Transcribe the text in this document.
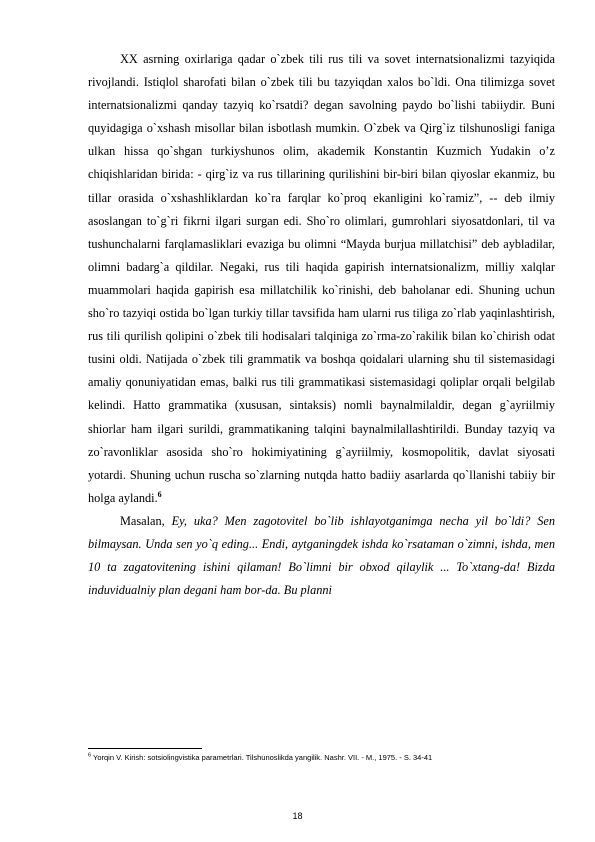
XX asrning oxirlariga qadar o`zbek tili rus tili va sovet internatsionalizmi tazyiqida rivojlandi. Istiqlol sharofati bilan o`zbek tili bu tazyiqdan xalos bo`ldi. Ona tilimizga sovet internatsionalizmi qanday tazyiq ko`rsatdi? degan savolning paydo bo`lishi tabiiydir. Buni quyidagiga o`xshash misollar bilan isbotlash mumkin. O`zbek va Qirg`iz tilshunosligi faniga ulkan hissa qo`shgan turkiyshunos olim, akademik Konstantin Kuzmich Yudakin o’z chiqishlaridan birida: - qirg`iz va rus tillarining qurilishini bir-biri bilan qiyoslar ekanmiz, bu tillar orasida o`xshashliklardan ko`ra farqlar ko`proq ekanligini ko`ramiz”, -- deb ilmiy asoslangan to`g`ri fikrni ilgari surgan edi. Sho`ro olimlari, gumrohlari siyosatdonlari, til va tushunchalarni farqlamasliklari evaziga bu olimni “Mayda burjua millatchisi” deb aybladilar, olimni badarg`a qildilar. Negaki, rus tili haqida gapirish internatsionalizm, milliy xalqlar muammolari haqida gapirish esa millatchilik ko`rinishi, deb baholanar edi. Shuning uchun sho`ro tazyiqi ostida bo`lgan turkiy tillar tavsifida ham ularni rus tiliga zo`rlab yaqinlashtirish, rus tili qurilish qolipini o`zbek tili hodisalari talqiniga zo`rma-zo`rakilik bilan ko`chirish odat tusini oldi. Natijada o`zbek tili grammatik va boshqa qoidalari ularning shu til sistemasidagi amaliy qonuniyatidan emas, balki rus tili grammatikasi sistemasidagi qoliplar orqali belgilab kelindi. Hatto grammatika (xususan, sintaksis) nomli baynalmilaldir, degan g`ayriilmiy shiorlar ham ilgari surildi, grammatikaning talqini baynalmilallashtirildi. Bunday tazyiq va zo`ravonliklar asosida sho`ro hokimiyatining g`ayriilmiy, kosmopolitik, davlat siyosati yotardi. Shuning uchun ruscha so`zlarning nutqda hatto badiiy asarlarda qo`llanishi tabiiy bir holga aylandi.$^6$

Masalan, Ey, uka? Men zagotovitel bo`lib ishlayotganimga necha yil bo`ldi? Sen bilmaysan. Unda sen yo`q eding... Endi, aytganingdek ishda ko`rsataman o`zimni, ishda, men 10 ta zagatovitening ishini qilaman! Bo`limni bir obxod qilaylik ... To`xtang-da! Bizda induvidualniy plan degani ham bor-da. Bu planni

$^6$ Yorqin V. Kirish: sotsiolingvistika parametrlari. Tilshunoslikda yangilik. Nashr. VII. - M., 1975. - S. 34-41
18
